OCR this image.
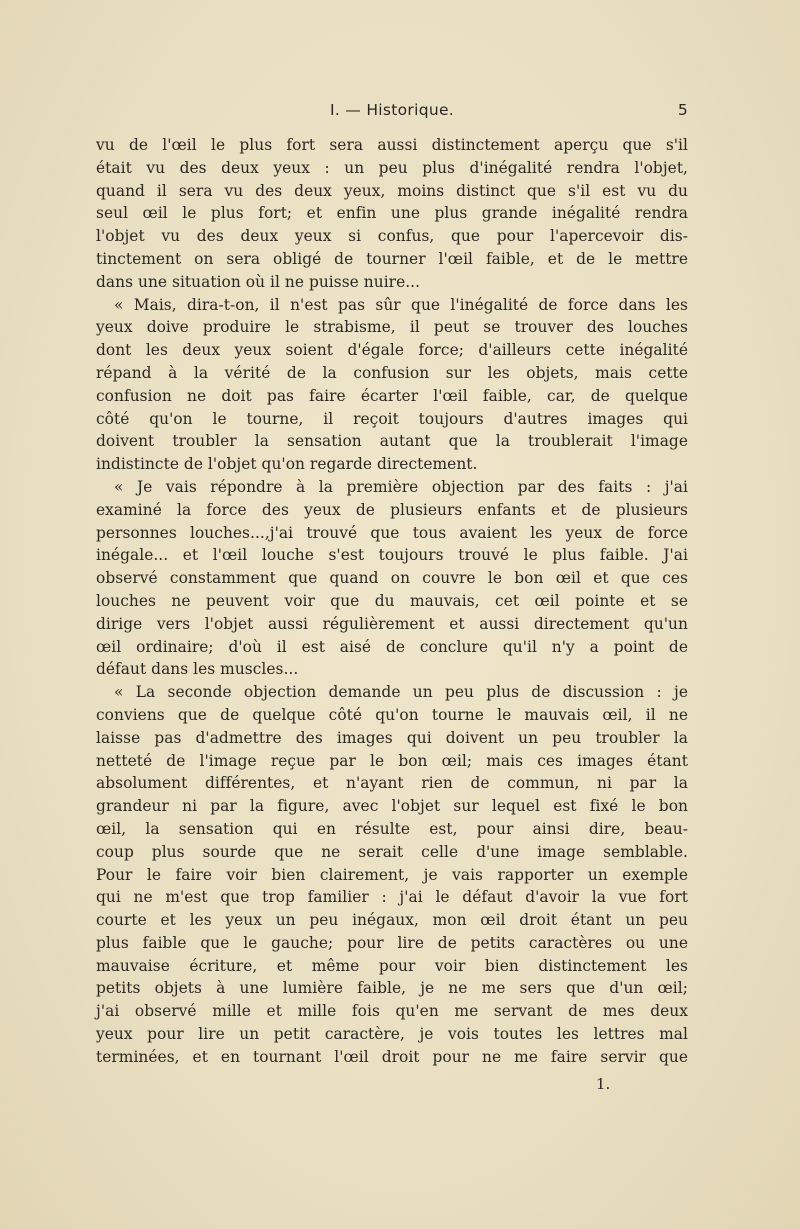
I. — Historique.	5
vu de l'œil le plus fort sera aussi distinctement aperçu que s'il
était vu des deux yeux : un peu plus d'inégalité rendra l'objet,
quand il sera vu des deux yeux, moins distinct que s'il est vu du
seul œil le plus fort; et enfin une plus grande inégalité rendra
l'objet vu des deux yeux si confus, que pour l'apercevoir dis-
tinctement on sera obligé de tourner l'œil faible, et de le mettre
dans une situation où il ne puisse nuire...
« Mais, dira-t-on, il n'est pas sûr que l'inégalité de force dans les
yeux doive produire le strabisme, il peut se trouver des louches
dont les deux yeux soient d'égale force; d'ailleurs cette inégalité
répand à la vérité de la confusion sur les objets, mais cette
confusion ne doit pas faire écarter l'œil faible, car, de quelque
côté qu'on le tourne, il reçoit toujours d'autres images qui
doivent troubler la sensation autant que la troublerait l'image
indistincte de l'objet qu'on regarde directement.
« Je vais répondre à la première objection par des faits : j'ai
examiné la force des yeux de plusieurs enfants et de plusieurs
personnes louches...,j'ai trouvé que tous avaient les yeux de force
inégale... et l'œil louche s'est toujours trouvé le plus faible. J'ai
observé constamment que quand on couvre le bon œil et que ces
louches ne peuvent voir que du mauvais, cet œil pointe et se
dirige vers l'objet aussi régulièrement et aussi directement qu'un
œil ordinaire; d'où il est aisé de conclure qu'il n'y a point de
défaut dans les muscles...
« La seconde objection demande un peu plus de discussion : je
conviens que de quelque côté qu'on tourne le mauvais œil, il ne
laisse pas d'admettre des images qui doivent un peu troubler la
netteté de l'image reçue par le bon œil; mais ces images étant
absolument différentes, et n'ayant rien de commun, ni par la
grandeur ni par la figure, avec l'objet sur lequel est fixé le bon
œil, la sensation qui en résulte est, pour ainsi dire, beau-
coup plus sourde que ne serait celle d'une image semblable.
Pour le faire voir bien clairement, je vais rapporter un exemple
qui ne m'est que trop familier : j'ai le défaut d'avoir la vue fort
courte et les yeux un peu inégaux, mon œil droit étant un peu
plus faible que le gauche; pour lire de petits caractères ou une
mauvaise écriture, et même pour voir bien distinctement les
petits objets à une lumière faible, je ne me sers que d'un œil;
j'ai observé mille et mille fois qu'en me servant de mes deux
yeux pour lire un petit caractère, je vois toutes les lettres mal
terminées, et en tournant l'œil droit pour ne me faire servir que
1.
